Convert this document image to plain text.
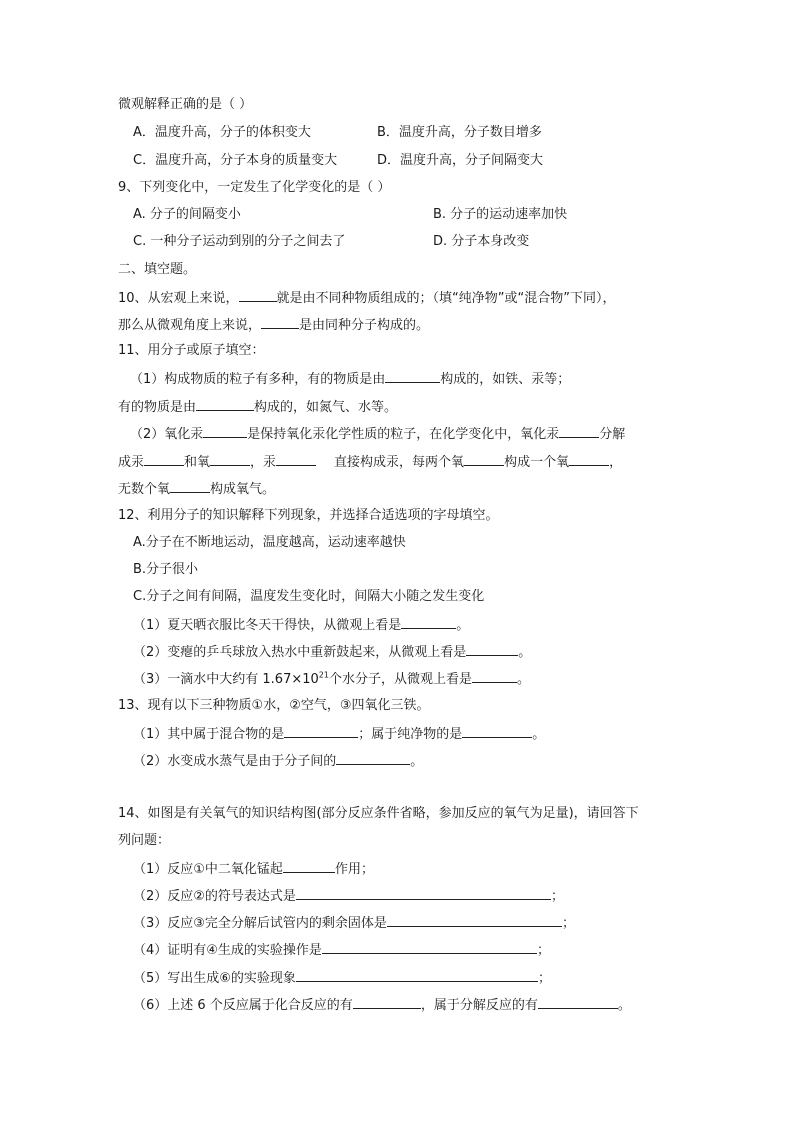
微观解释正确的是（ ）
A．温度升高，分子的体积变大	B．温度升高，分子数目增多
C．温度升高，分子本身的质量变大	D．温度升高，分子间隔变大
9、下列变化中，一定发生了化学变化的是（ ）
A. 分子的间隔变小	B. 分子的运动速率加快
C. 一种分子运动到别的分子之间去了	D. 分子本身改变
二、填空题。
10、从宏观上来说，	就是由不同种物质组成的；（填“纯净物”或“混合物”下同），
那么从微观角度上来说，	是由同种分子构成的。
11、用分子或原子填空：
（1）构成物质的粒子有多种，有的物质是由	构成的，如铁、汞等；
有的物质是由	构成的，如氮气、水等。
（2）氧化汞	是保持氧化汞化学性质的粒子，在化学变化中，氧化汞	分解
成汞	和氧	，汞	直接构成汞，每两个氧	构成一个氧	，
无数个氧	构成氧气。
12、利用分子的知识解释下列现象，并选择合适选项的字母填空。
A.分子在不断地运动，温度越高，运动速率越快
B.分子很小
C.分子之间有间隔，温度发生变化时，间隔大小随之发生变化
（1）夏天晒衣服比冬天干得快，从微观上看是	。
（2）变瘪的乒乓球放入热水中重新鼓起来，从微观上看是	。
（3）一滴水中大约有 $1.67\times 10^{21}$个水分子，从微观上看是	。
13、现有以下三种物质①水，②空气，③四氧化三铁。
（1）其中属于混合物的是	；属于纯净物的是	。
（2）水变成水蒸气是由于分子间的	。
14、如图是有关氧气的知识结构图(部分反应条件省略，参加反应的氧气为足量)，请回答下
列问题：
（1）反应①中二氧化锰起	作用；
（2）反应②的符号表达式是	；
（3）反应③完全分解后试管内的剩余固体是	；
（4）证明有④生成的实验操作是	；
（5）写出生成⑥的实验现象	；
（6）上述 6 个反应属于化合反应的有	，属于分解反应的有	。
